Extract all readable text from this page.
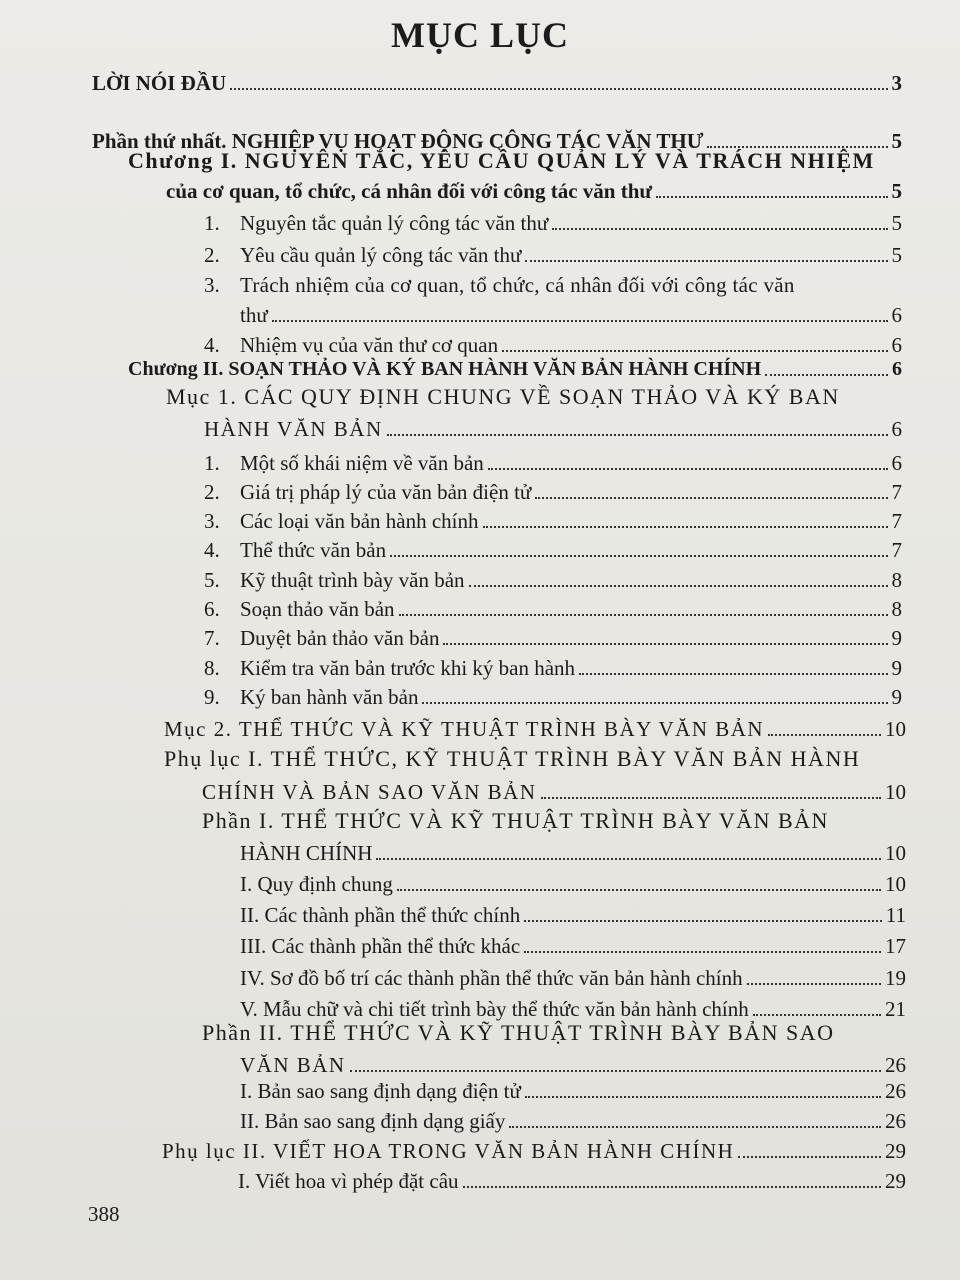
MỤC LỤC
LỜI NÓI ĐẦU	3
Phần thứ nhất. NGHIỆP VỤ HOẠT ĐỘNG CÔNG TÁC VĂN THƯ	5
Chương I. NGUYÊN TẮC, YÊU CẦU QUẢN LÝ VÀ TRÁCH NHIỆM
của cơ quan, tổ chức, cá nhân đối với công tác văn thư	5
1. Nguyên tắc quản lý công tác văn thư	5
2. Yêu cầu quản lý công tác văn thư	5
3. Trách nhiệm của cơ quan, tổ chức, cá nhân đối với công tác văn
thư	6
4. Nhiệm vụ của văn thư cơ quan	6
Chương II. SOẠN THẢO VÀ KÝ BAN HÀNH VĂN BẢN HÀNH CHÍNH	6
Mục 1. CÁC QUY ĐỊNH CHUNG VỀ SOẠN THẢO VÀ KÝ BAN
HÀNH VĂN BẢN	6
1. Một số khái niệm về văn bản	6
2. Giá trị pháp lý của văn bản điện tử	7
3. Các loại văn bản hành chính	7
4. Thể thức văn bản	7
5. Kỹ thuật trình bày văn bản	8
6. Soạn thảo văn bản	8
7. Duyệt bản thảo văn bản	9
8. Kiểm tra văn bản trước khi ký ban hành	9
9. Ký ban hành văn bản	9
Mục 2. THỂ THỨC VÀ KỸ THUẬT TRÌNH BÀY VĂN BẢN	10
Phụ lục I. THỂ THỨC, KỸ THUẬT TRÌNH BÀY VĂN BẢN HÀNH
CHÍNH VÀ BẢN SAO VĂN BẢN	10
Phần I. THỂ THỨC VÀ KỸ THUẬT TRÌNH BÀY VĂN BẢN
HÀNH CHÍNH	10
I. Quy định chung	10
II. Các thành phần thể thức chính	11
III. Các thành phần thể thức khác	17
IV. Sơ đồ bố trí các thành phần thể thức văn bản hành chính	19
V. Mẫu chữ và chi tiết trình bày thể thức văn bản hành chính	21
Phần II. THỂ THỨC VÀ KỸ THUẬT TRÌNH BÀY BẢN SAO
VĂN BẢN	26
I. Bản sao sang định dạng điện tử	26
II. Bản sao sang định dạng giấy	26
Phụ lục II. VIẾT HOA TRONG VĂN BẢN HÀNH CHÍNH	29
I. Viết hoa vì phép đặt câu	29
388
